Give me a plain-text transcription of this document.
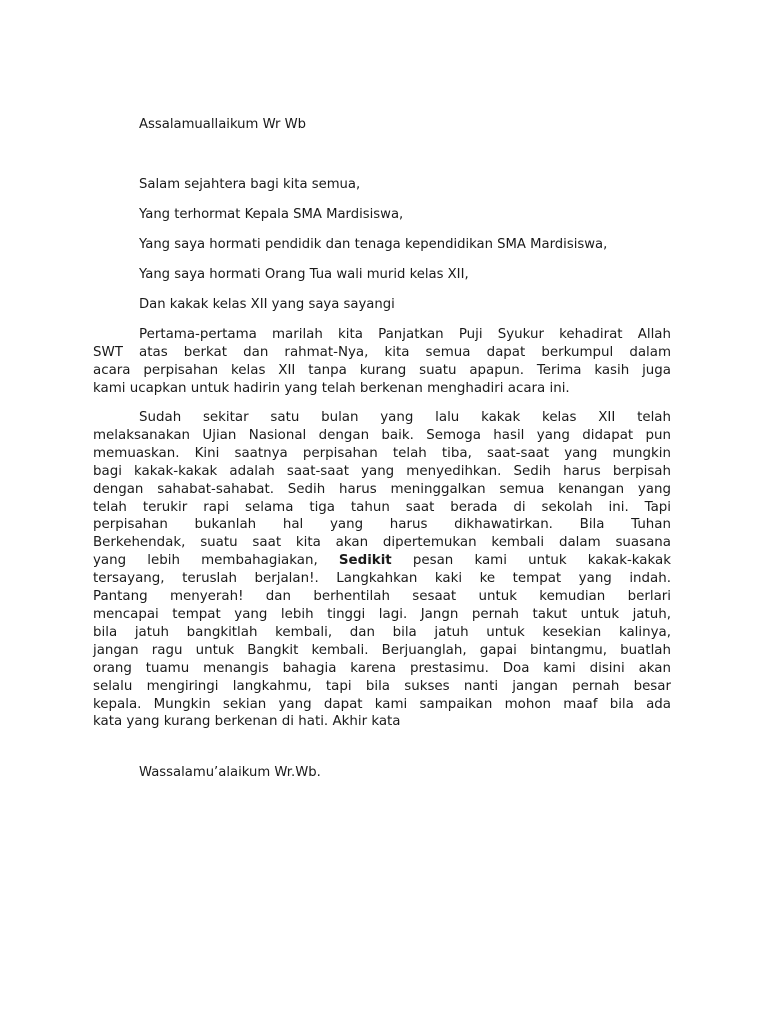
Assalamuallaikum Wr Wb

Salam sejahtera bagi kita semua,

Yang terhormat Kepala SMA Mardisiswa,

Yang saya hormati pendidik dan tenaga kependidikan SMA Mardisiswa,

Yang saya hormati Orang Tua wali murid kelas XII,

Dan kakak kelas XII yang saya sayangi

Pertama-pertama marilah kita Panjatkan Puji Syukur kehadirat Allah
SWT atas berkat dan rahmat-Nya, kita semua dapat berkumpul dalam
acara perpisahan kelas XII tanpa kurang suatu apapun. Terima kasih juga
kami ucapkan untuk hadirin yang telah berkenan menghadiri acara ini.
Sudah sekitar satu bulan yang lalu kakak kelas XII telah
melaksanakan Ujian Nasional dengan baik. Semoga hasil yang didapat pun
memuaskan. Kini saatnya perpisahan telah tiba, saat-saat yang mungkin
bagi kakak-kakak adalah saat-saat yang menyedihkan. Sedih harus berpisah
dengan sahabat-sahabat. Sedih harus meninggalkan semua kenangan yang
telah terukir rapi selama tiga tahun saat berada di sekolah ini. Tapi
perpisahan bukanlah hal yang harus dikhawatirkan. Bila Tuhan
Berkehendak, suatu saat kita akan dipertemukan kembali dalam suasana
yang lebih membahagiakan, Sedikit pesan kami untuk kakak-kakak
tersayang, teruslah berjalan!. Langkahkan kaki ke tempat yang indah.
Pantang menyerah! dan berhentilah sesaat untuk kemudian berlari
mencapai tempat yang lebih tinggi lagi. Jangn pernah takut untuk jatuh,
bila jatuh bangkitlah kembali, dan bila jatuh untuk kesekian kalinya,
jangan ragu untuk Bangkit kembali. Berjuanglah, gapai bintangmu, buatlah
orang tuamu menangis bahagia karena prestasimu. Doa kami disini akan
selalu mengiringi langkahmu, tapi bila sukses nanti jangan pernah besar
kepala. Mungkin sekian yang dapat kami sampaikan mohon maaf bila ada
kata yang kurang berkenan di hati. Akhir kata

Wassalamu’alaikum Wr.Wb.
